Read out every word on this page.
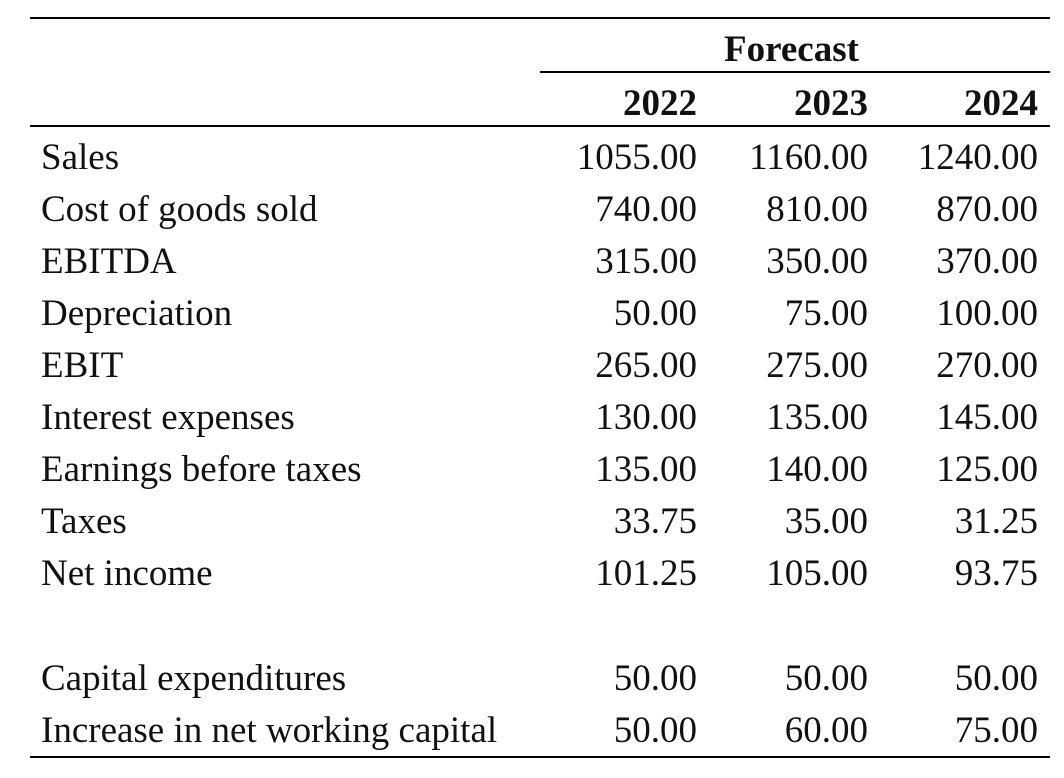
Forecast
2022	2023	2024
Sales	1055.00 1160.00 1240.00
Cost of goods sold	740.00 810.00 870.00
EBITDA	315.00 350.00 370.00
Depreciation	50.00 75.00 100.00
EBIT	265.00 275.00 270.00
Interest expenses	130.00 135.00 145.00
Earnings before taxes	135.00 140.00 125.00
Taxes	33.75 35.00 31.25
Net income	101.25 105.00 93.75
Capital expenditures	50.00 50.00 50.00
Increase in net working capital	50.00 60.00 75.00
